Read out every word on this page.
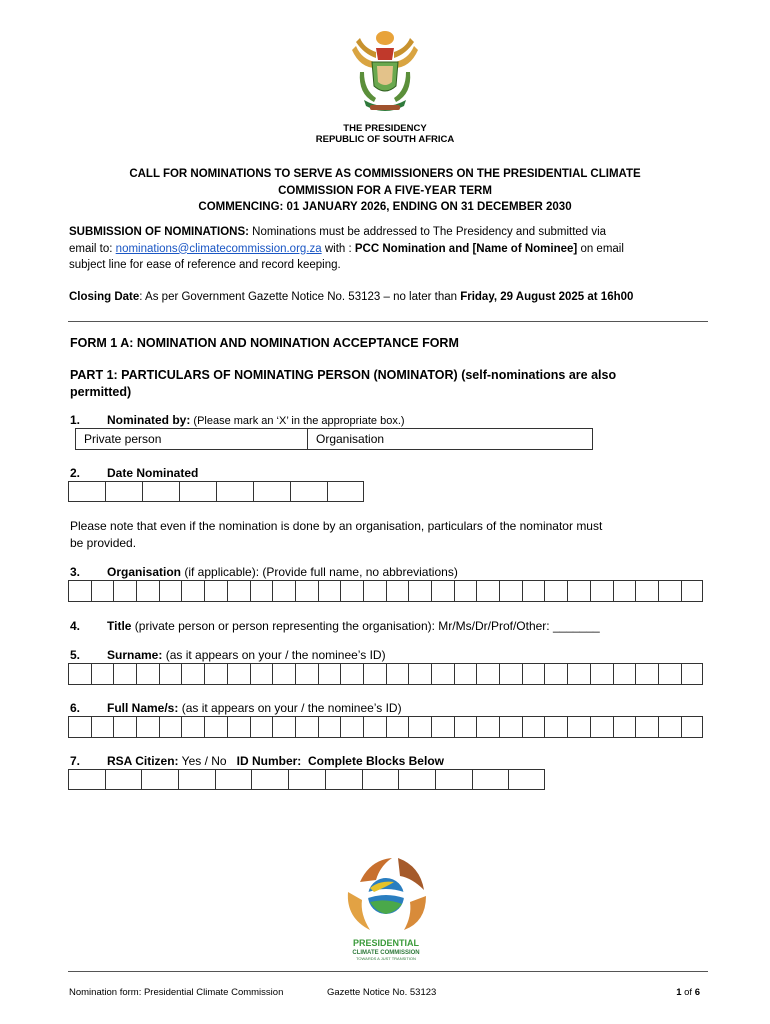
THE PRESIDENCY
REPUBLIC OF SOUTH AFRICA
CALL FOR NOMINATIONS TO SERVE AS COMMISSIONERS ON THE PRESIDENTIAL CLIMATE
COMMISSION FOR A FIVE-YEAR TERM
COMMENCING: 01 JANUARY 2026, ENDING ON 31 DECEMBER 2030
SUBMISSION OF NOMINATIONS: Nominations must be addressed to The Presidency and submitted via
email to: nominations@climatecommission.org.za with : PCC Nomination and [Name of Nominee] on email
subject line for ease of reference and record keeping.
Closing Date: As per Government Gazette Notice No. 53123 – no later than Friday, 29 August 2025 at 16h00
FORM 1 A: NOMINATION AND NOMINATION ACCEPTANCE FORM
PART 1: PARTICULARS OF NOMINATING PERSON (NOMINATOR) (self-nominations are also
permitted)
1. Nominated by: (Please mark an ‘X’ in the appropriate box.)
Private person	Organisation
2. Date Nominated
Please note that even if the nomination is done by an organisation, particulars of the nominator must
be provided.
3. Organisation (if applicable): (Provide full name, no abbreviations)
4. Title (private person or person representing the organisation): Mr/Ms/Dr/Prof/Other: _______
5. Surname: (as it appears on your / the nominee’s ID)
6. Full Name/s: (as it appears on your / the nominee’s ID)
7. RSA Citizen: Yes / No   ID Number:  Complete Blocks Below
PRESIDENTIAL
CLIMATE COMMISSION
TOWARDS A JUST TRANSITION
Nomination form: Presidential Climate Commission	Gazette Notice No. 53123	1 of 6
